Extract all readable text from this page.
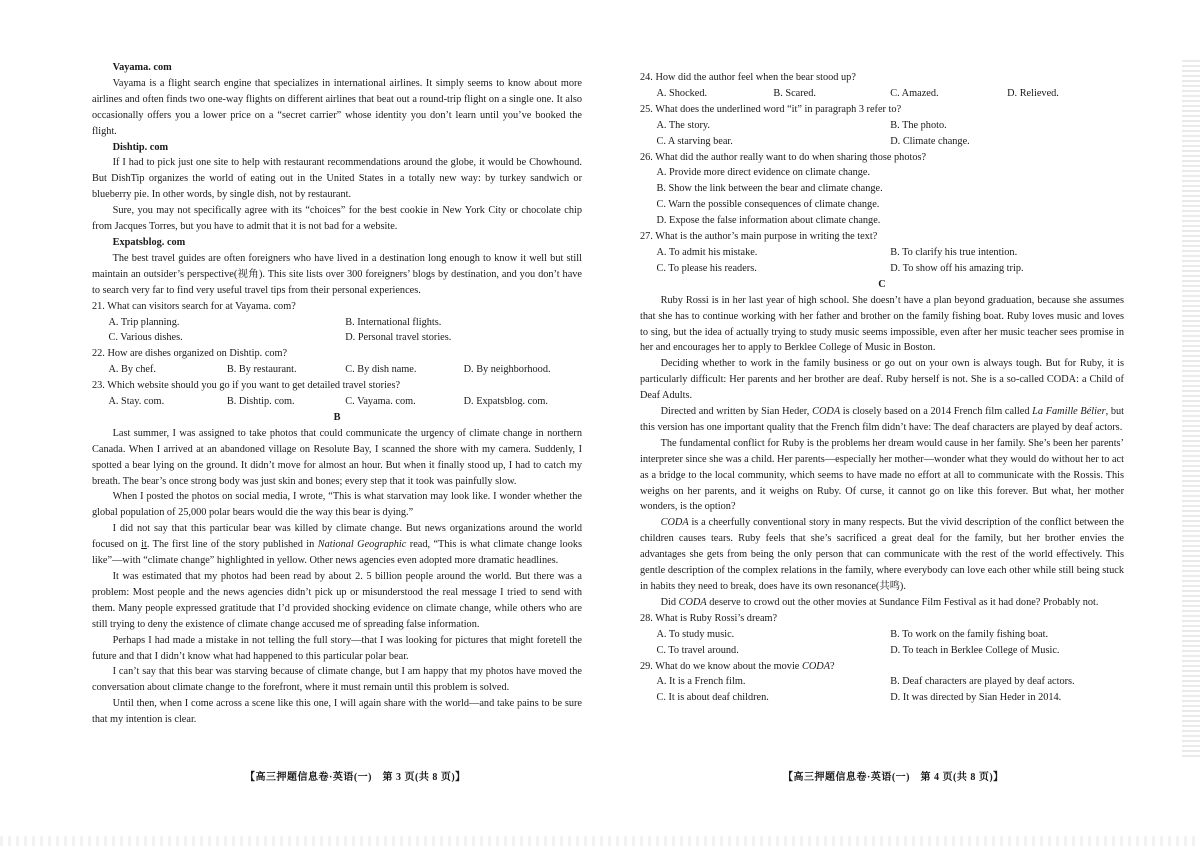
Vayama. com

Vayama is a flight search engine that specializes in international airlines. It simply seems to know about more airlines and often finds two one-way flights on different airlines that beat out a round-trip flight on a single one. It also occasionally offers you a lower price on a “secret carrier” whose identity you don’t learn until you’ve booked the flight.

Dishtip. com

If I had to pick just one site to help with restaurant recommendations around the globe, it would be Chowhound. But DishTip organizes the world of eating out in the United States in a totally new way: by turkey sandwich or blueberry pie. In other words, by single dish, not by restaurant.

Sure, you may not specifically agree with its “choices” for the best cookie in New York City or chocolate chip from Jacques Torres, but you have to admit that it is not bad for a website.

Expatsblog. com

The best travel guides are often foreigners who have lived in a destination long enough to know it well but still maintain an outsider’s perspective(视角). This site lists over 300 foreigners’ blogs by destination, and you don’t have to search very far to find very useful travel tips from their personal experiences.

21. What can visitors search for at Vayama. com?

A. Trip planning.	B. International flights.
C. Various dishes.	D. Personal travel stories.

22. How are dishes organized on Dishtip. com?

A. By chef.	B. By restaurant.	C. By dish name.	D. By neighborhood.

23. Which website should you go if you want to get detailed travel stories?

A. Stay. com.	B. Dishtip. com.	C. Vayama. com.	D. Expatsblog. com.

B

Last summer, I was assigned to take photos that could communicate the urgency of climate change in northern Canada. When I arrived at an abandoned village on Resolute Bay, I scanned the shore with my camera. Suddenly, I spotted a bear lying on the ground. It didn’t move for almost an hour. But when it finally stood up, I had to catch my breath. The bear’s once strong body was just skin and bones; every step that it took was painfully slow.

When I posted the photos on social media, I wrote, “This is what starvation may look like. I wonder whether the global population of 25,000 polar bears would die the way this bear is dying.”

I did not say that this particular bear was killed by climate change. But news organizations around the world focused on it. The first line of the story published in National Geographic read, “This is what climate change looks like”—with “climate change” highlighted in yellow. Other news agencies even adopted more dramatic headlines.

It was estimated that my photos had been read by about 2. 5 billion people around the world. But there was a problem: Most people and the news agencies didn’t pick up or misunderstood the real message I tried to send with them. Many people expressed gratitude that I’d provided shocking evidence on climate change, while others who are still trying to deny the existence of climate change accused me of spreading false information.

Perhaps I had made a mistake in not telling the full story—that I was looking for pictures that might foretell the future and that I didn’t know what had happened to this particular polar bear.

I can’t say that this bear was starving because of climate change, but I am happy that my photos have moved the conversation about climate change to the forefront, where it must remain until this problem is solved.

Until then, when I come across a scene like this one, I will again share with the world—and take pains to be sure that my intention is clear.

24. How did the author feel when the bear stood up?

A. Shocked.	B. Scared.	C. Amazed.	D. Relieved.

25. What does the underlined word “it” in paragraph 3 refer to?

A. The story.	B. The photo.
C. A starving bear.	D. Climate change.

26. What did the author really want to do when sharing those photos?

A. Provide more direct evidence on climate change.

B. Show the link between the bear and climate change.

C. Warn the possible consequences of climate change.

D. Expose the false information about climate change.

27. What is the author’s main purpose in writing the text?

A. To admit his mistake.	B. To clarify his true intention.
C. To please his readers.	D. To show off his amazing trip.

C

Ruby Rossi is in her last year of high school. She doesn’t have a plan beyond graduation, because she assumes that she has to continue working with her father and brother on the family fishing boat. Ruby loves music and loves to sing, but the idea of actually trying to study music seems impossible, even after her music teacher sees promise in her and encourages her to apply to Berklee College of Music in Boston.

Deciding whether to work in the family business or go out on your own is always tough. But for Ruby, it is particularly difficult: Her parents and her brother are deaf. Ruby herself is not. She is a so-called CODA: a Child of Deaf Adults.

Directed and written by Sian Heder, CODA is closely based on a 2014 French film called La Famille Bélier, but this version has one important quality that the French film didn’t have: The deaf characters are played by deaf actors.

The fundamental conflict for Ruby is the problems her dream would cause in her family. She’s been her parents’ interpreter since she was a child. Her parents—especially her mother—wonder what they would do without her to act as a bridge to the local community, which seems to have made no effort at all to communicate with the Rossis. This weighs on her parents, and it weighs on Ruby. Of curse, it cannot go on like this forever. But what, her mother wonders, is the option?

CODA is a cheerfully conventional story in many respects. But the vivid description of the conflict between the children causes tears. Ruby feels that she’s sacrificed a great deal for the family, but her brother envies the advantages she gets from being the only person that can communicate with the rest of the world effectively. This gentle description of the complex relations in the family, where everybody can love each other while still being stuck in habits they need to break, does have its own resonance(共鸣).

Did CODA deserve to crowd out the other movies at Sundance Film Festival as it had done? Probably not.

28. What is Ruby Rossi’s dream?

A. To study music.	B. To work on the family fishing boat.
C. To travel around.	D. To teach in Berklee College of Music.

29. What do we know about the movie CODA?

A. It is a French film.	B. Deaf characters are played by deaf actors.
C. It is about deaf children.	D. It was directed by Sian Heder in 2014.
【高三押题信息卷·英语(一)　第 3 页(共 8 页)】	【高三押题信息卷·英语(一)　第 4 页(共 8 页)】
